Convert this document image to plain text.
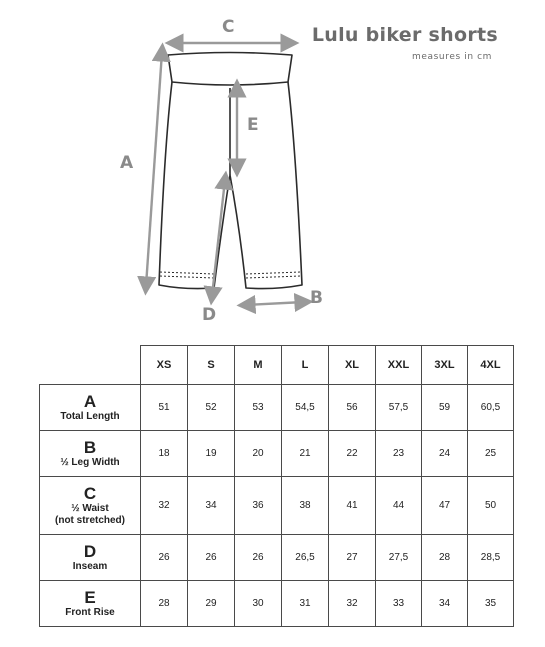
Lulu biker shorts
measures in cm
C
A
E
D
B
	XS	S	M	L	XL	XXL	3XL	4XL

A
Total Length	51	52	53	54,5	56	57,5	59	60,5

B
½ Leg Width	18	19	20	21	22	23	24	25

C
½ Waist
(not stretched)	32	34	36	38	41	44	47	50

D
Inseam	26	26	26	26,5	27	27,5	28	28,5

E
Front Rise	28	29	30	31	32	33	34	35
